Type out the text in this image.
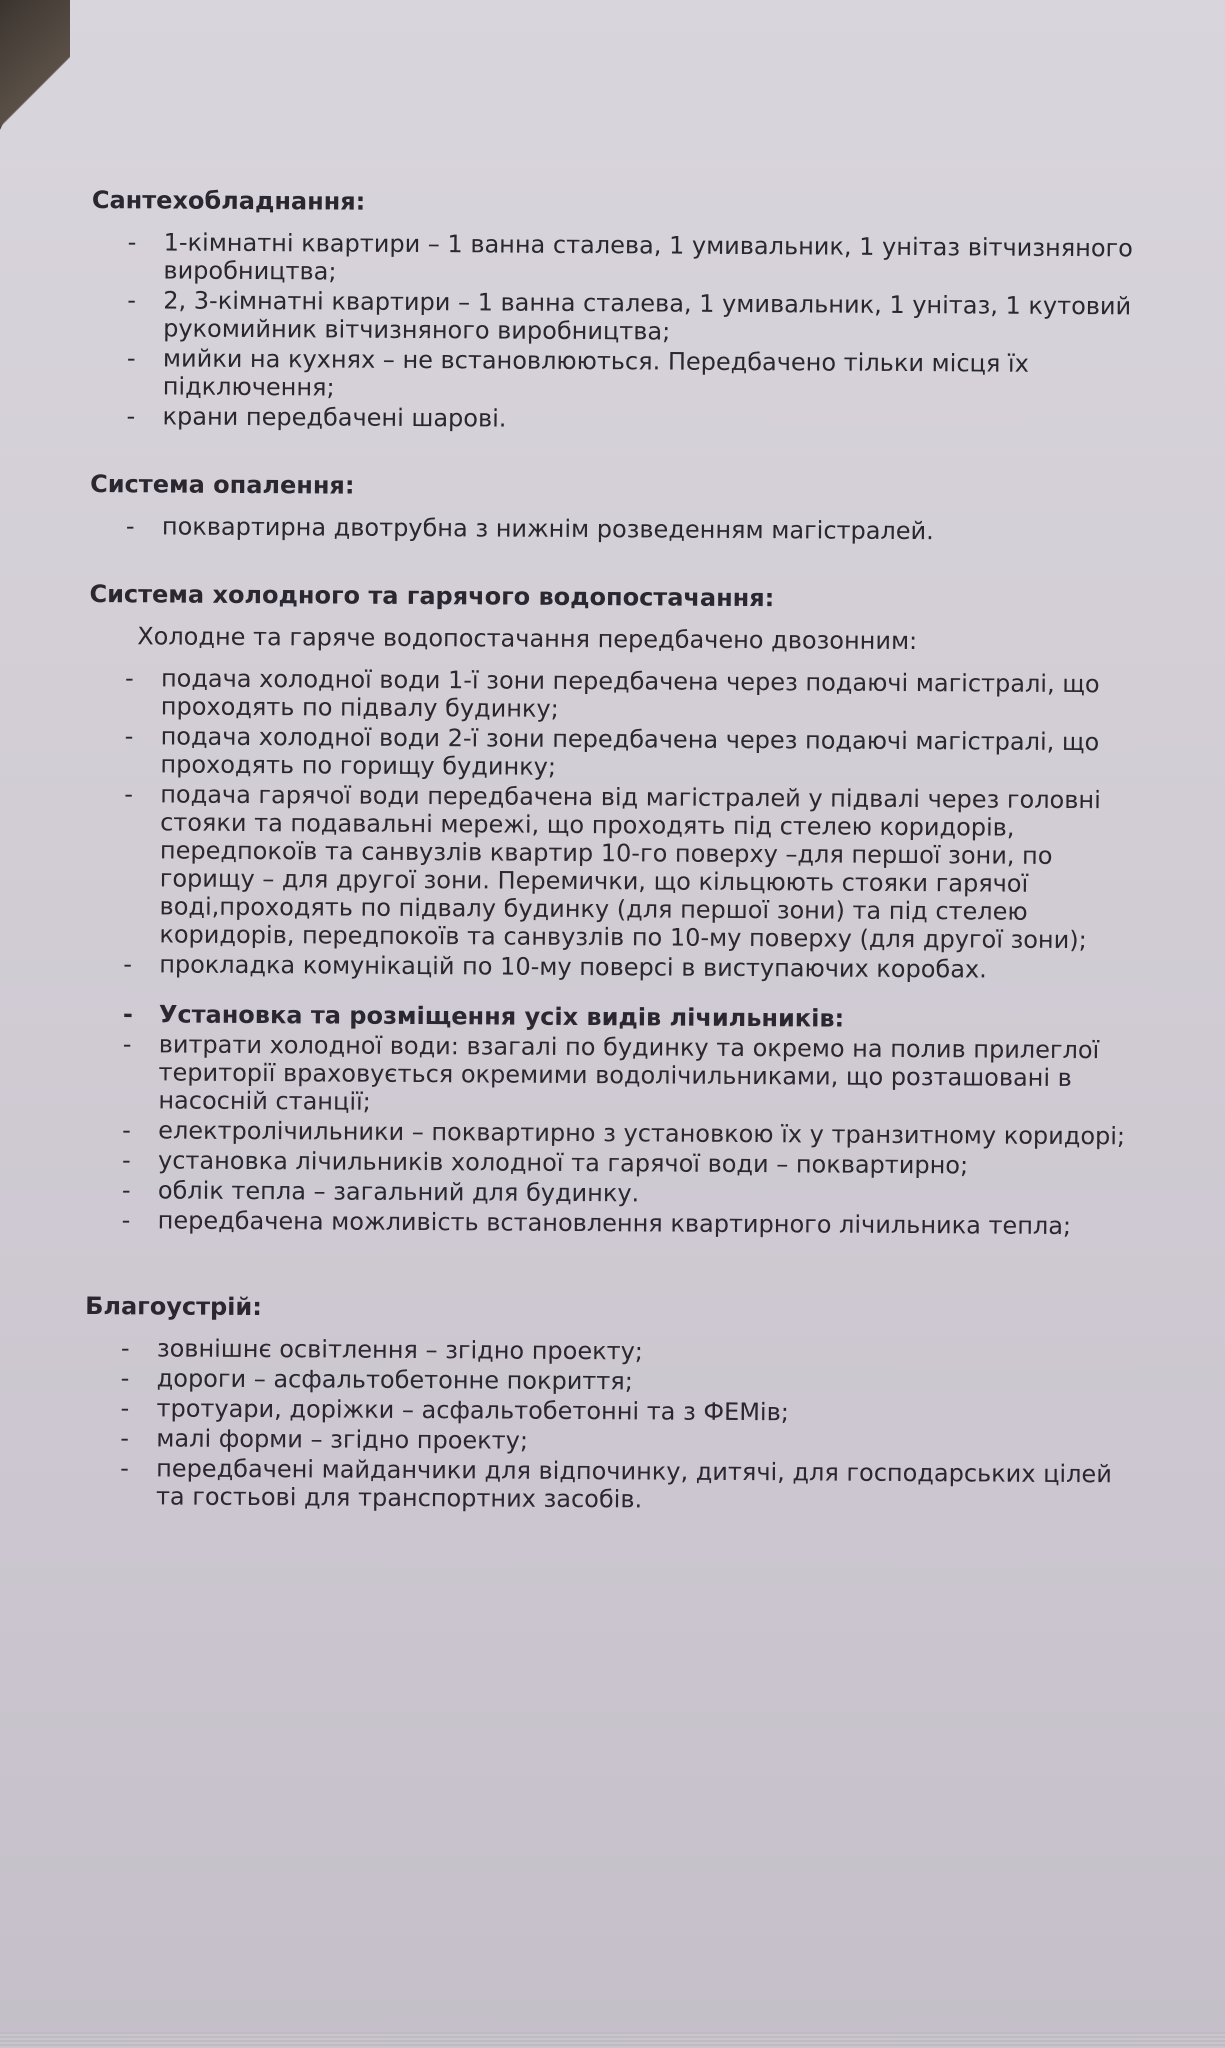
Сантехобладнання:
- 1-кімнатні квартири – 1 ванна сталева, 1 умивальник, 1 унітаз вітчизняного виробництва;
- 2, 3-кімнатні квартири – 1 ванна сталева, 1 умивальник, 1 унітаз, 1 кутовий рукомийник вітчизняного виробництва;
- мийки на кухнях – не встановлюються. Передбачено тільки місця їх підключення;
- крани передбачені шарові.
Система опалення:
- поквартирна двотрубна з нижнім розведенням магістралей.
Система холодного та гарячого водопостачання:
Холодне та гаряче водопостачання передбачено двозонним:
- подача холодної води 1-ї зони передбачена через подаючі магістралі, що проходять по підвалу будинку;
- подача холодної води 2-ї зони передбачена через подаючі магістралі, що проходять по горищу будинку;
- подача гарячої води передбачена від магістралей у підвалі через головні стояки та подавальні мережі, що проходять під стелею коридорів, передпокоїв та санвузлів квартир 10-го поверху –для першої зони, по горищу – для другої зони. Перемички, що кільцюють стояки гарячої воді,проходять по підвалу будинку (для першої зони) та під стелею коридорів, передпокоїв та санвузлів по 10-му поверху (для другої зони);
- прокладка комунікацій по 10-му поверсі в виступаючих коробах.
- Установка та розміщення усіх видів лічильників:
- витрати холодної води: взагалі по будинку та окремо на полив прилеглої території враховується окремими водолічильниками, що розташовані в насосній станції;
- електролічильники – поквартирно з установкою їх у транзитному коридорі;
- установка лічильників холодної та гарячої води – поквартирно;
- облік тепла – загальний для будинку.
- передбачена можливість встановлення квартирного лічильника тепла;
Благоустрій:
- зовнішнє освітлення – згідно проекту;
- дороги – асфальтобетонне покриття;
- тротуари, доріжки – асфальтобетонні та з ФЕМів;
- малі форми – згідно проекту;
- передбачені майданчики для відпочинку, дитячі, для господарських цілей та гостьові для транспортних засобів.
